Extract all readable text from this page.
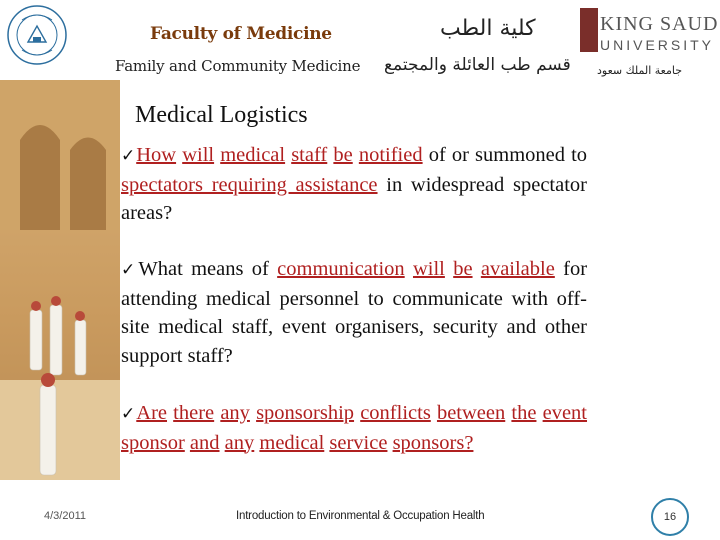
Faculty of Medicine
Family and Community Medicine
كلية الطب
قسم طب العائلة والمجتمع
KING SAUD
UNIVERSITY
جامعة الملك سعود
Medical Logistics
✓How will medical staff be notified of or summoned to spectators requiring assistance in widespread spectator areas?
✓What means of communication will be available for attending medical personnel to communicate with off-site medical staff, event organisers, security and other support staff?
✓Are there any sponsorship conflicts between the event sponsor and any medical service sponsors?
4/3/2011	Introduction to Environmental & Occupation Health	16
